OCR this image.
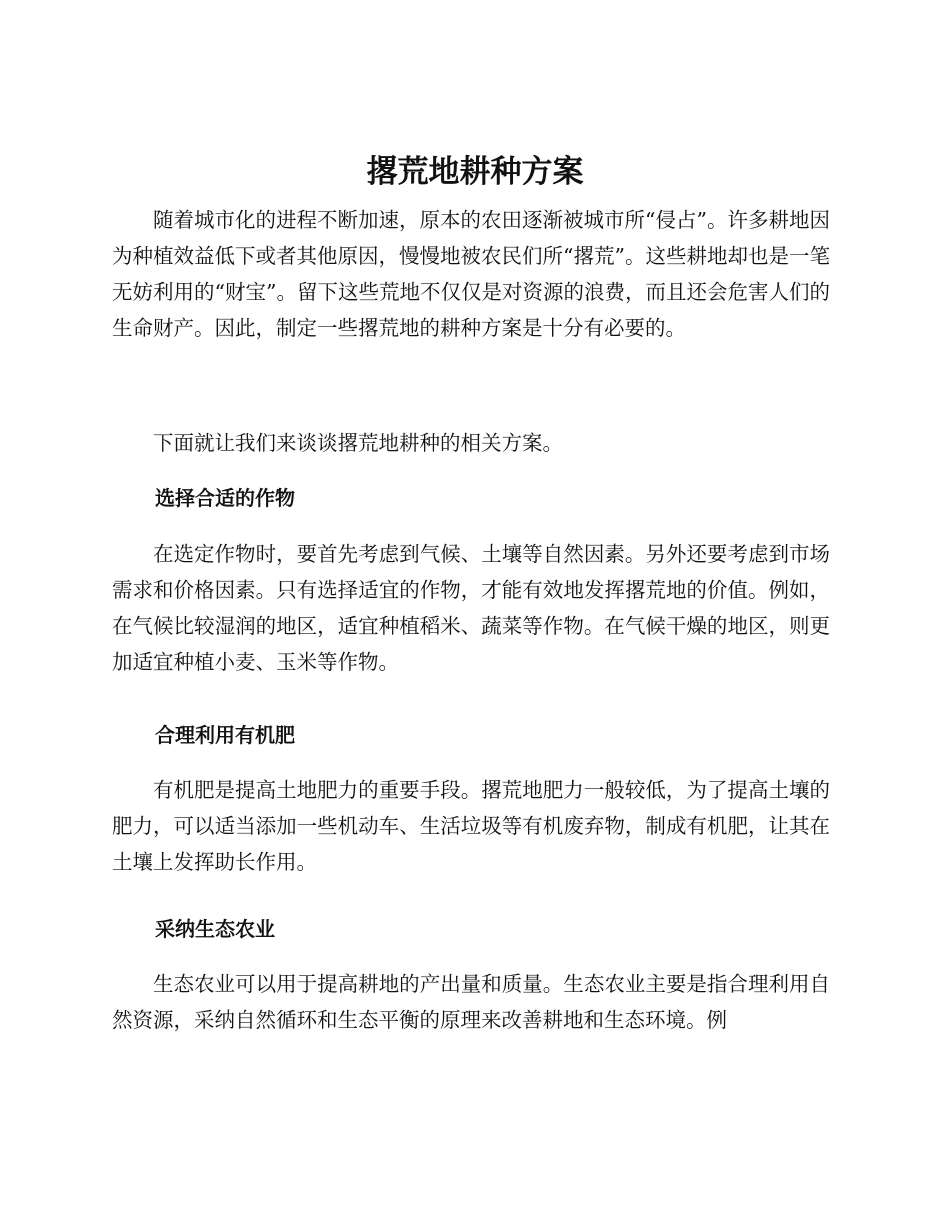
撂荒地耕种方案

随着城市化的进程不断加速，原本的农田逐渐被城市所“侵占”。许多耕地因为种植效益低下或者其他原因，慢慢地被农民们所“撂荒”。这些耕地却也是一笔无妨利用的“财宝”。留下这些荒地不仅仅是对资源的浪费，而且还会危害人们的生命财产。因此，制定一些撂荒地的耕种方案是十分有必要的。

下面就让我们来谈谈撂荒地耕种的相关方案。

选择合适的作物

在选定作物时，要首先考虑到气候、土壤等自然因素。另外还要考虑到市场需求和价格因素。只有选择适宜的作物，才能有效地发挥撂荒地的价值。例如，在气候比较湿润的地区，适宜种植稻米、蔬菜等作物。在气候干燥的地区，则更加适宜种植小麦、玉米等作物。

合理利用有机肥

有机肥是提高土地肥力的重要手段。撂荒地肥力一般较低，为了提高土壤的肥力，可以适当添加一些机动车、生活垃圾等有机废弃物，制成有机肥，让其在土壤上发挥助长作用。

采纳生态农业

生态农业可以用于提高耕地的产出量和质量。生态农业主要是指合理利用自然资源，采纳自然循环和生态平衡的原理来改善耕地和生态环境。例
